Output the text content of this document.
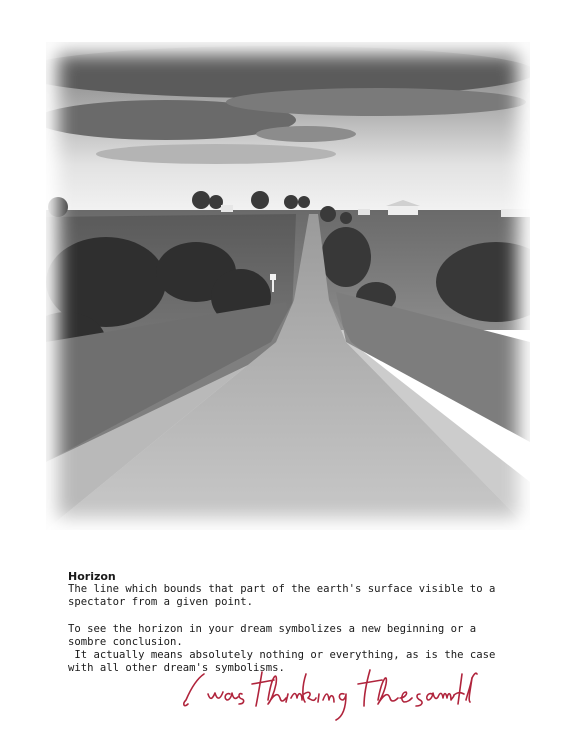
Horizon

The line which bounds that part of the earth's surface visible to a spectator from a given point.

To see the horizon in your dream symbolizes a new beginning or a sombre conclusion.

It actually means absolutely nothing or everything, as is the case with all other dream's symbolisms.
